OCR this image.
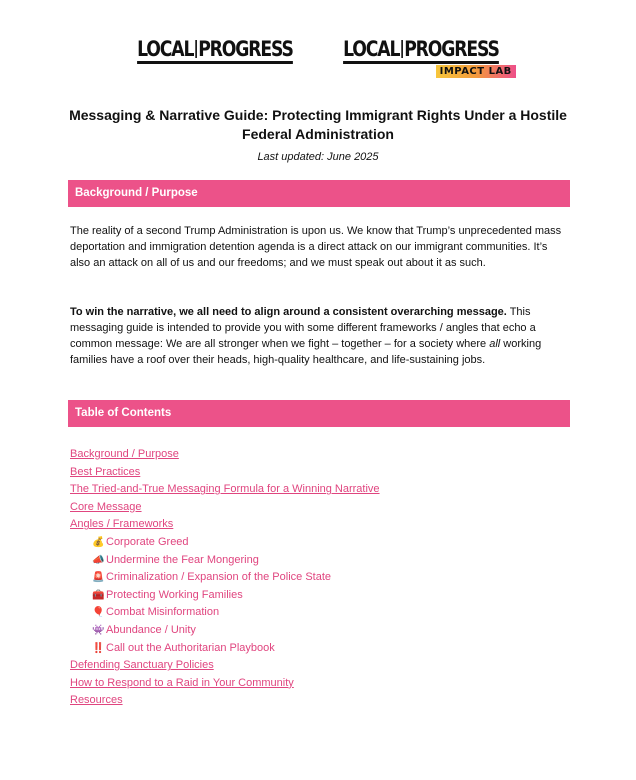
LOCAL PROGRESS LOCAL PROGRESS
IMPACT LAB
Messaging & Narrative Guide: Protecting Immigrant Rights Under a Hostile Federal Administration
Last updated: June 2025
Background / Purpose

The reality of a second Trump Administration is upon us. We know that Trump’s unprecedented mass deportation and immigration detention agenda is a direct attack on our immigrant communities. It’s also an attack on all of us and our freedoms; and we must speak out about it as such.

To win the narrative, we all need to align around a consistent overarching message. This messaging guide is intended to provide you with some different frameworks / angles that echo a common message: We are all stronger when we fight – together – for a society where all working families have a roof over their heads, high-quality healthcare, and life-sustaining jobs.

Table of Contents
Background / Purpose
Best Practices
The Tried-and-True Messaging Formula for a Winning Narrative
Core Message
Angles / Frameworks
💰 Corporate Greed
📣 Undermine the Fear Mongering
🚨 Criminalization / Expansion of the Police State
🧰 Protecting Working Families
🎈 Combat Misinformation
👾 Abundance / Unity
‼️ Call out the Authoritarian Playbook
Defending Sanctuary Policies
How to Respond to a Raid in Your Community
Resources
